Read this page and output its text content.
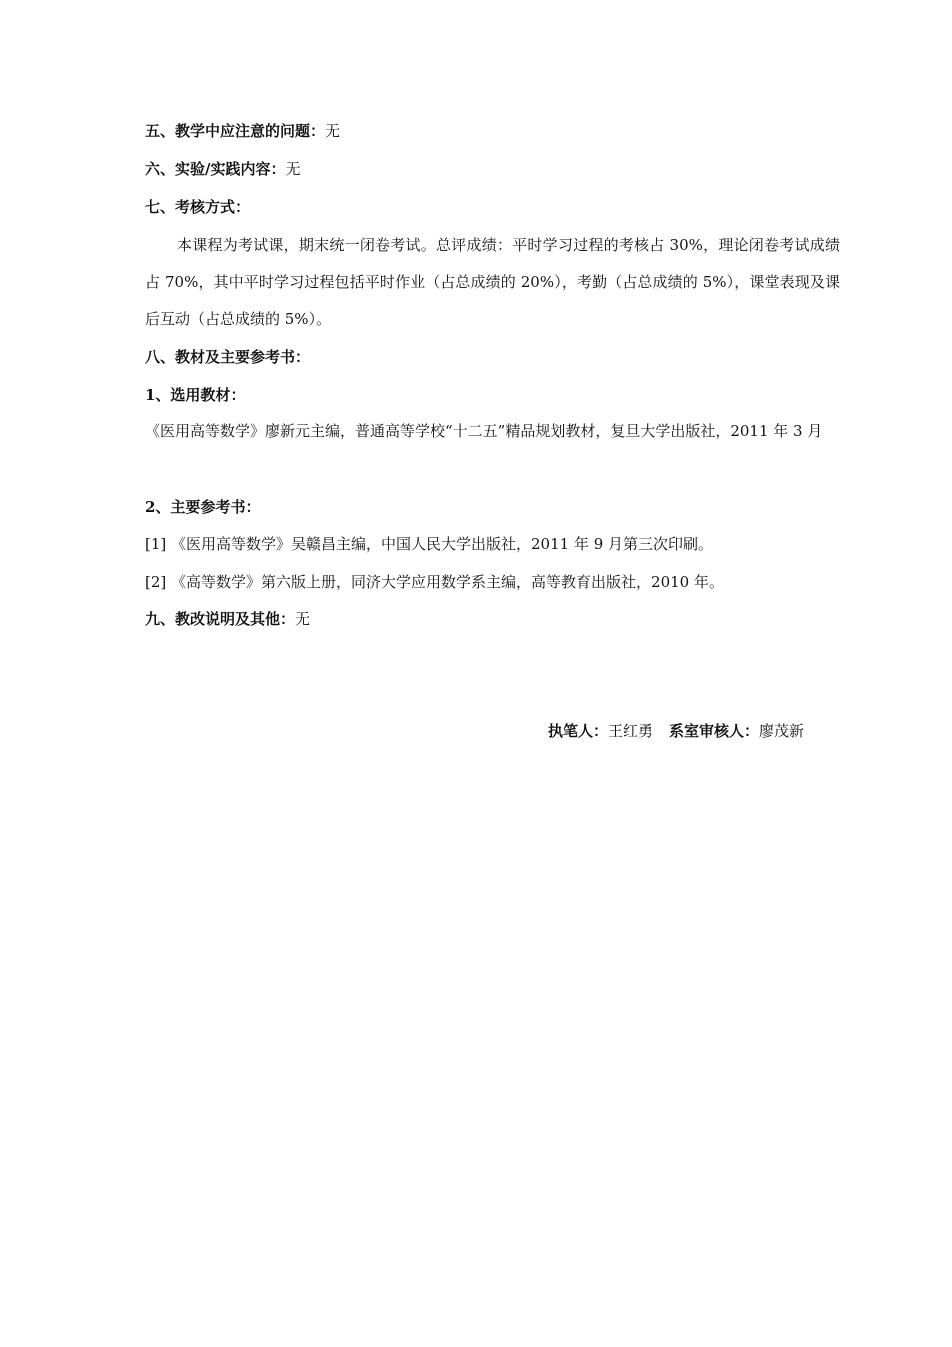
五、教学中应注意的问题：无
六、实验/实践内容：无
七、考核方式：
本课程为考试课，期末统一闭卷考试。总评成绩：平时学习过程的考核占 30%，理论闭卷考试成绩占 70%，其中平时学习过程包括平时作业（占总成绩的 20%），考勤（占总成绩的 5%），课堂表现及课后互动（占总成绩的 5%）。
八、教材及主要参考书：
1、选用教材：
《医用高等数学》廖新元主编，普通高等学校“十二五”精品规划教材，复旦大学出版社，2011 年 3 月
2、主要参考书：
[1] 《医用高等数学》吴赣昌主编，中国人民大学出版社，2011 年 9 月第三次印刷。
[2] 《高等数学》第六版上册，同济大学应用数学系主编，高等教育出版社，2010 年。
九、教改说明及其他：无
执笔人：王红勇 系室审核人：廖茂新
